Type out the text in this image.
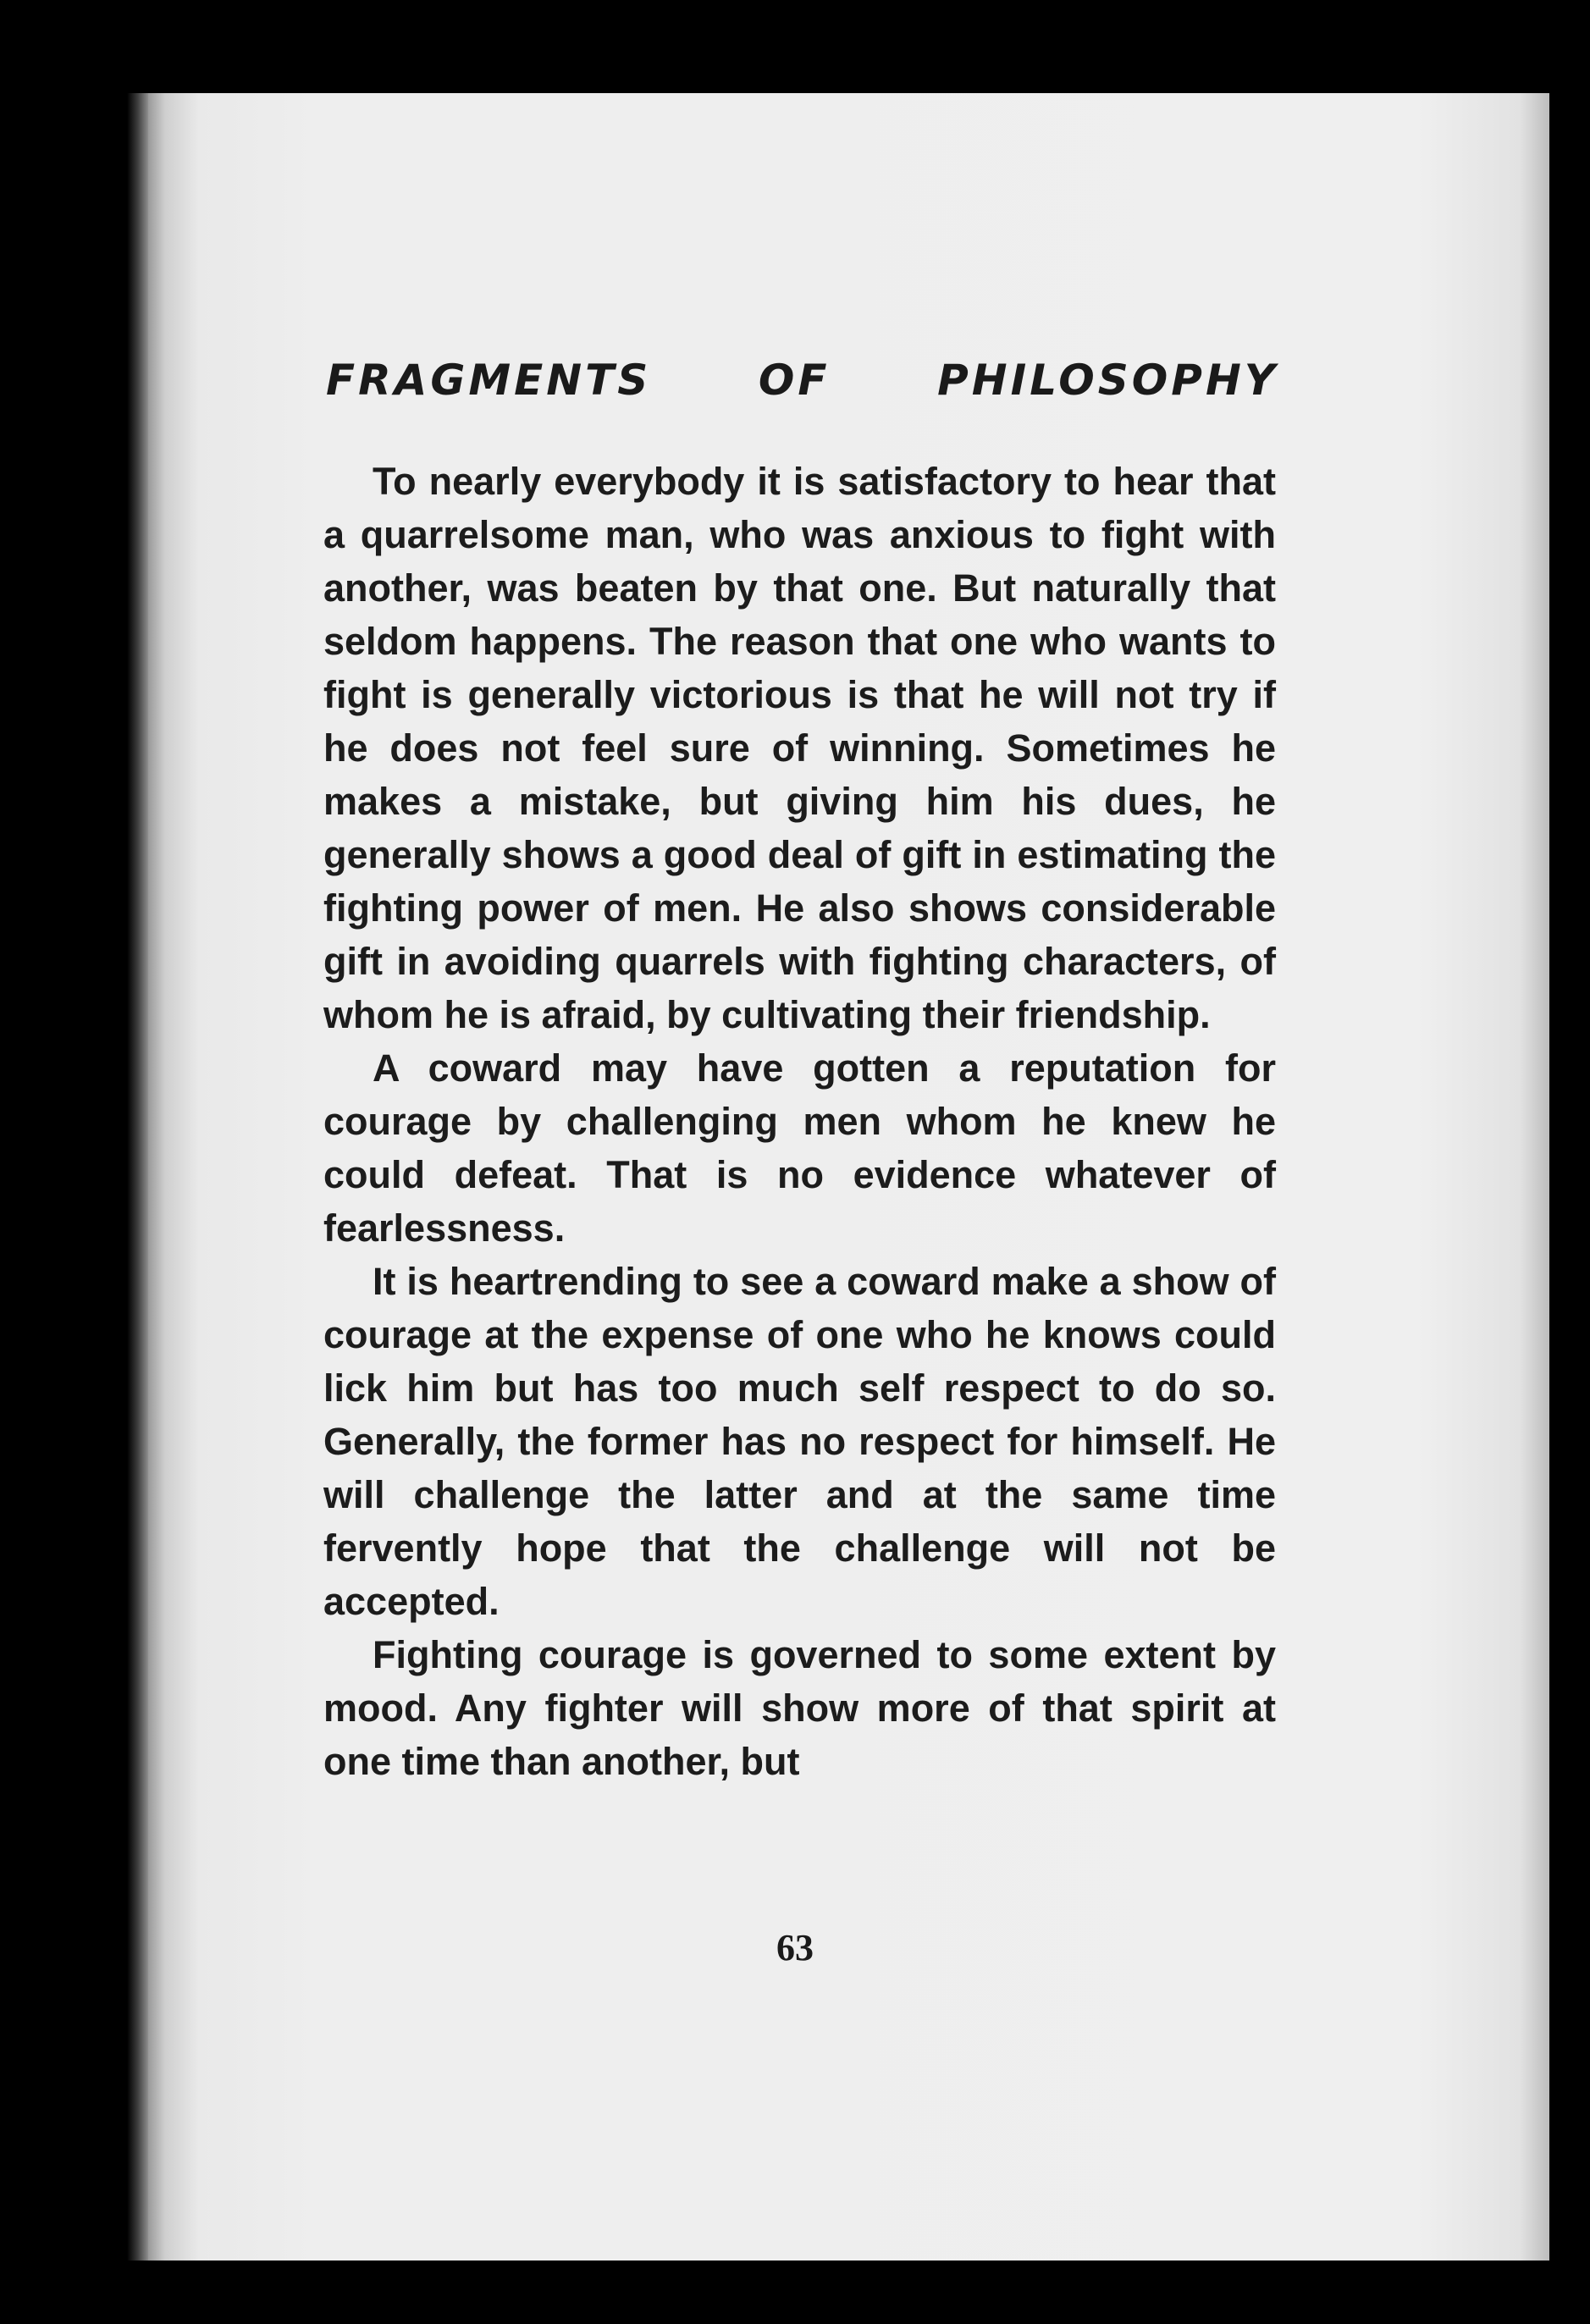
FRAGMENTS	OF	PHILOSOPHY

To nearly everybody it is satisfactory to hear that a quarrelsome man, who was anxious to fight with another, was beaten by that one. But naturally that seldom happens. The reason that one who wants to fight is generally victorious is that he will not try if he does not feel sure of winning. Sometimes he makes a mistake, but giving him his dues, he generally shows a good deal of gift in estimating the fighting power of men. He also shows considerable gift in avoiding quarrels with fighting characters, of whom he is afraid, by cultivating their friendship.

A coward may have gotten a reputation for courage by challenging men whom he knew he could defeat. That is no evidence whatever of fearlessness.

It is heartrending to see a coward make a show of courage at the expense of one who he knows could lick him but has too much self respect to do so. Generally, the former has no respect for himself. He will challenge the latter and at the same time fervently hope that the challenge will not be accepted.

Fighting courage is governed to some extent by mood. Any fighter will show more of that spirit at one time than another, but

63
